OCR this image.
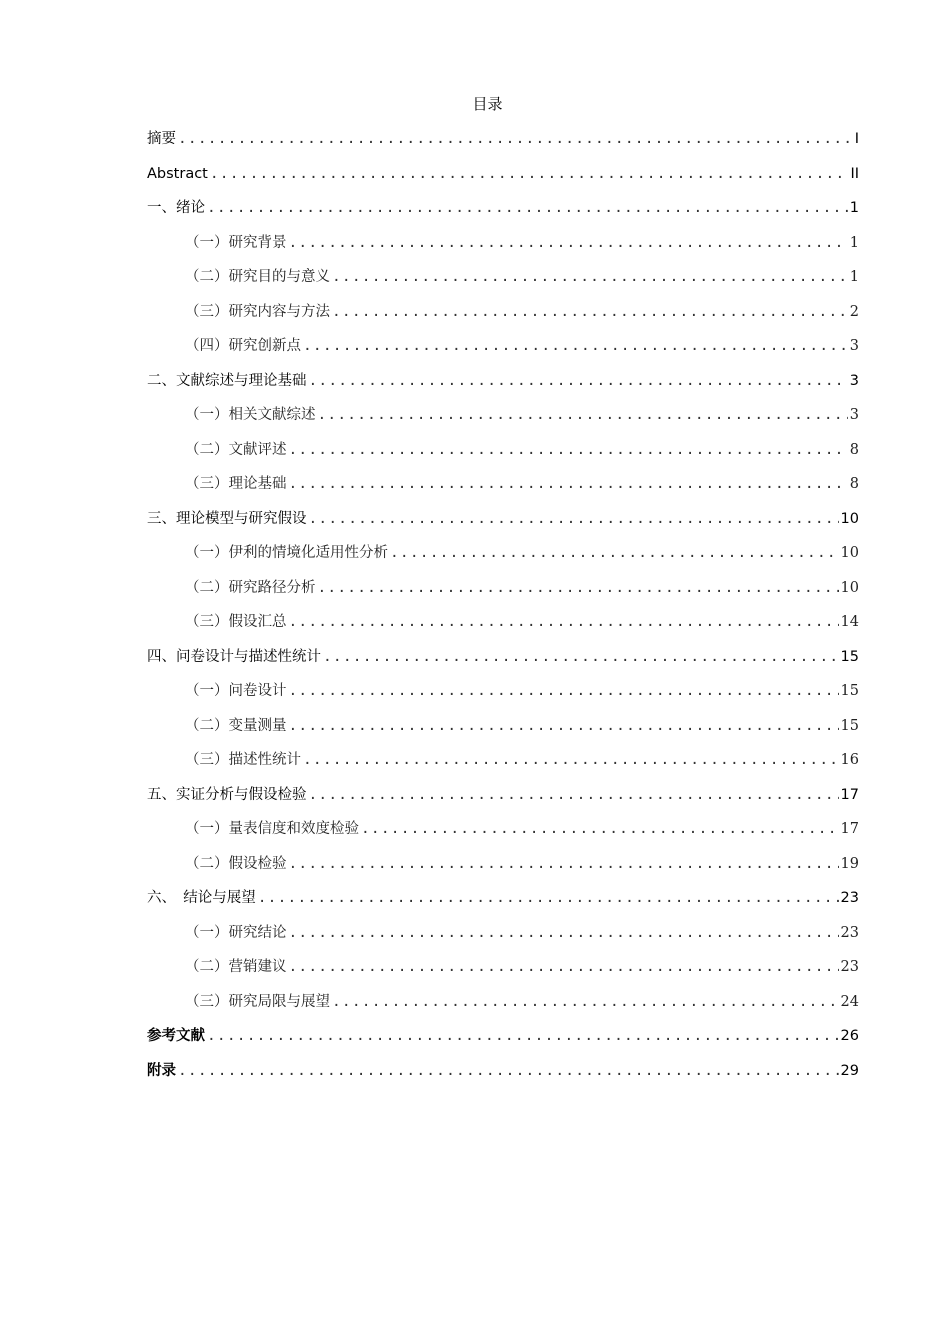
目录
摘要 .....	I
Abstract .....	II
一、绪论 .....	1
（一）研究背景 .....	1
（二）研究目的与意义 .....	1
（三）研究内容与方法 .....	2
（四）研究创新点 .....	3
二、文献综述与理论基础 .....	3
（一）相关文献综述 .....	3
（二）文献评述 .....	8
（三）理论基础 .....	8
三、理论模型与研究假设 .....	10
（一）伊利的情境化适用性分析 .....	10
（二）研究路径分析 .....	10
（三）假设汇总 .....	14
四、问卷设计与描述性统计 .....	15
（一）问卷设计 .....	15
（二）变量测量 .....	15
（三）描述性统计 .....	16
五、实证分析与假设检验 .....	17
（一）量表信度和效度检验 .....	17
（二）假设检验 .....	19
六、　结论与展望 .....	23
（一）研究结论 .....	23
（二）营销建议 .....	23
（三）研究局限与展望 .....	24
参考文献 .....	26
附录 .....	29
